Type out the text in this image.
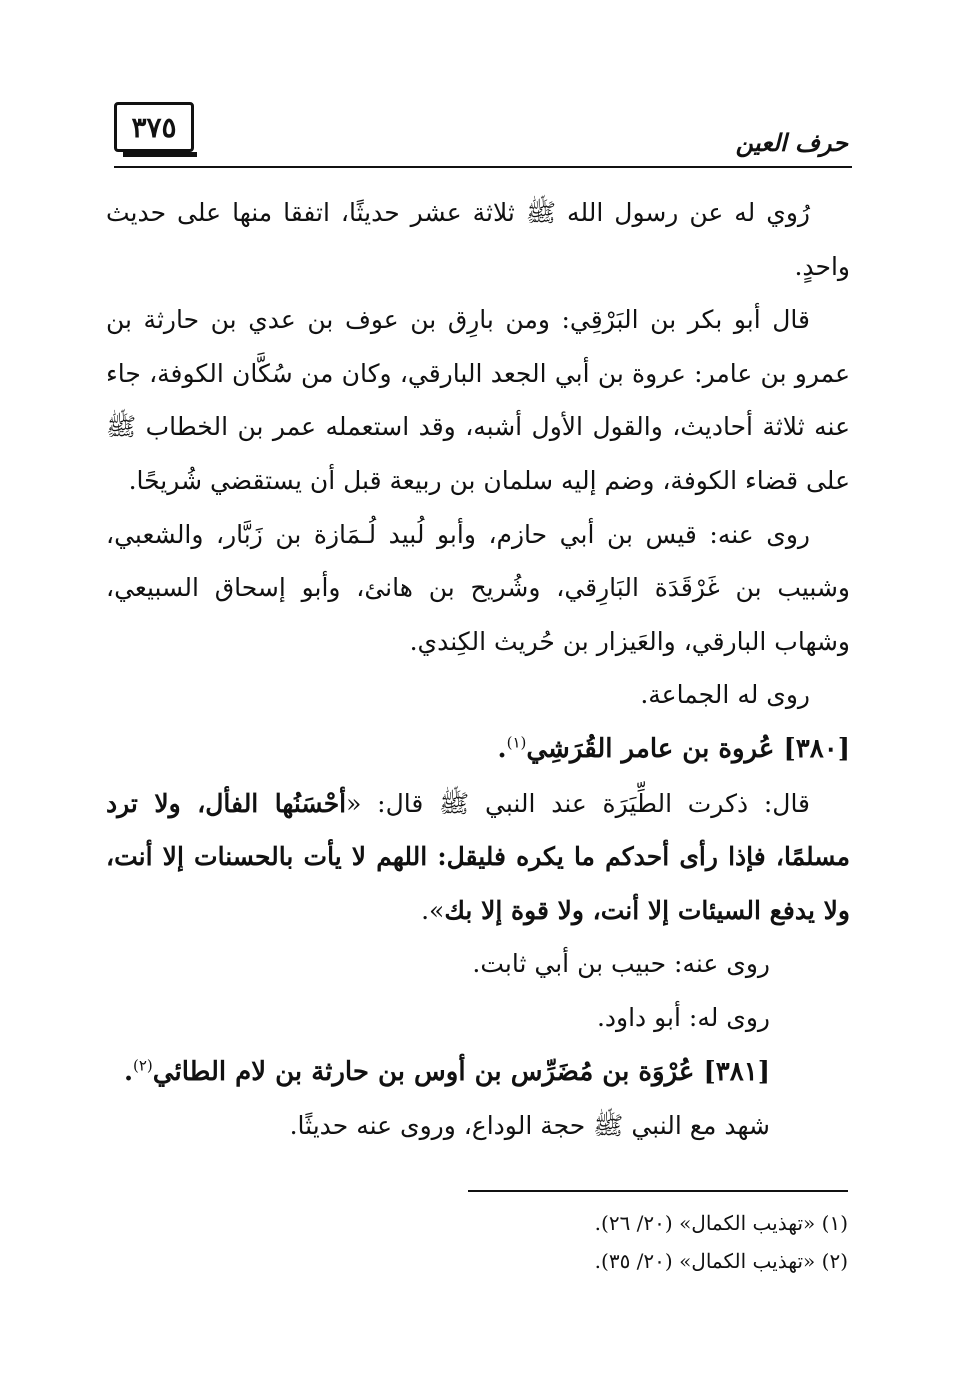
حرف العين
٣٧٥

رُوي له عن رسول الله ﷺ ثلاثة عشر حديثًا، اتفقا منها على حديث واحدٍ.

قال أبو بكر بن البَرْقِي: ومن بارِق بن عوف بن عدي بن حارثة بن عمرو بن عامر: عروة بن أبي الجعد البارقي، وكان من سُكَّان الكوفة، جاء عنه ثلاثة أحاديث، والقول الأول أشبه، وقد استعمله عمر بن الخطاب ﷺ على قضاء الكوفة، وضم إليه سلمان بن ربيعة قبل أن يستقضي شُريحًا.

روى عنه: قيس بن أبي حازم، وأبو لُبيد لُـمَازة بن زَبَّار، والشعبي، وشبيب بن غَرْقَدَة البَارِقي، وشُريح بن هانئ، وأبو إسحاق السبيعي، وشهاب البارقي، والعَيزار بن حُريث الكِندي.

روى له الجماعة.

[٣٨٠] عُروة بن عامر القُرَشِي$^{(١)}$.

قال: ذكرت الطِّيَرَة عند النبي ﷺ قال: «أحْسَنُها الفأل، ولا ترد مسلمًا، فإذا رأى أحدكم ما يكره فليقل: اللهم لا يأت بالحسنات إلا أنت، ولا يدفع السيئات إلا أنت، ولا قوة إلا بك».

روى عنه: حبيب بن أبي ثابت.

روى له: أبو داود.

[٣٨١] عُرْوَة بن مُضَرِّس بن أوس بن حارثة بن لام الطائي$^{(٢)}$.

شهد مع النبي ﷺ حجة الوداع، وروى عنه حديثًا.

(١) «تهذيب الكمال» (٢٠/ ٢٦).
(٢) «تهذيب الكمال» (٢٠/ ٣٥).
